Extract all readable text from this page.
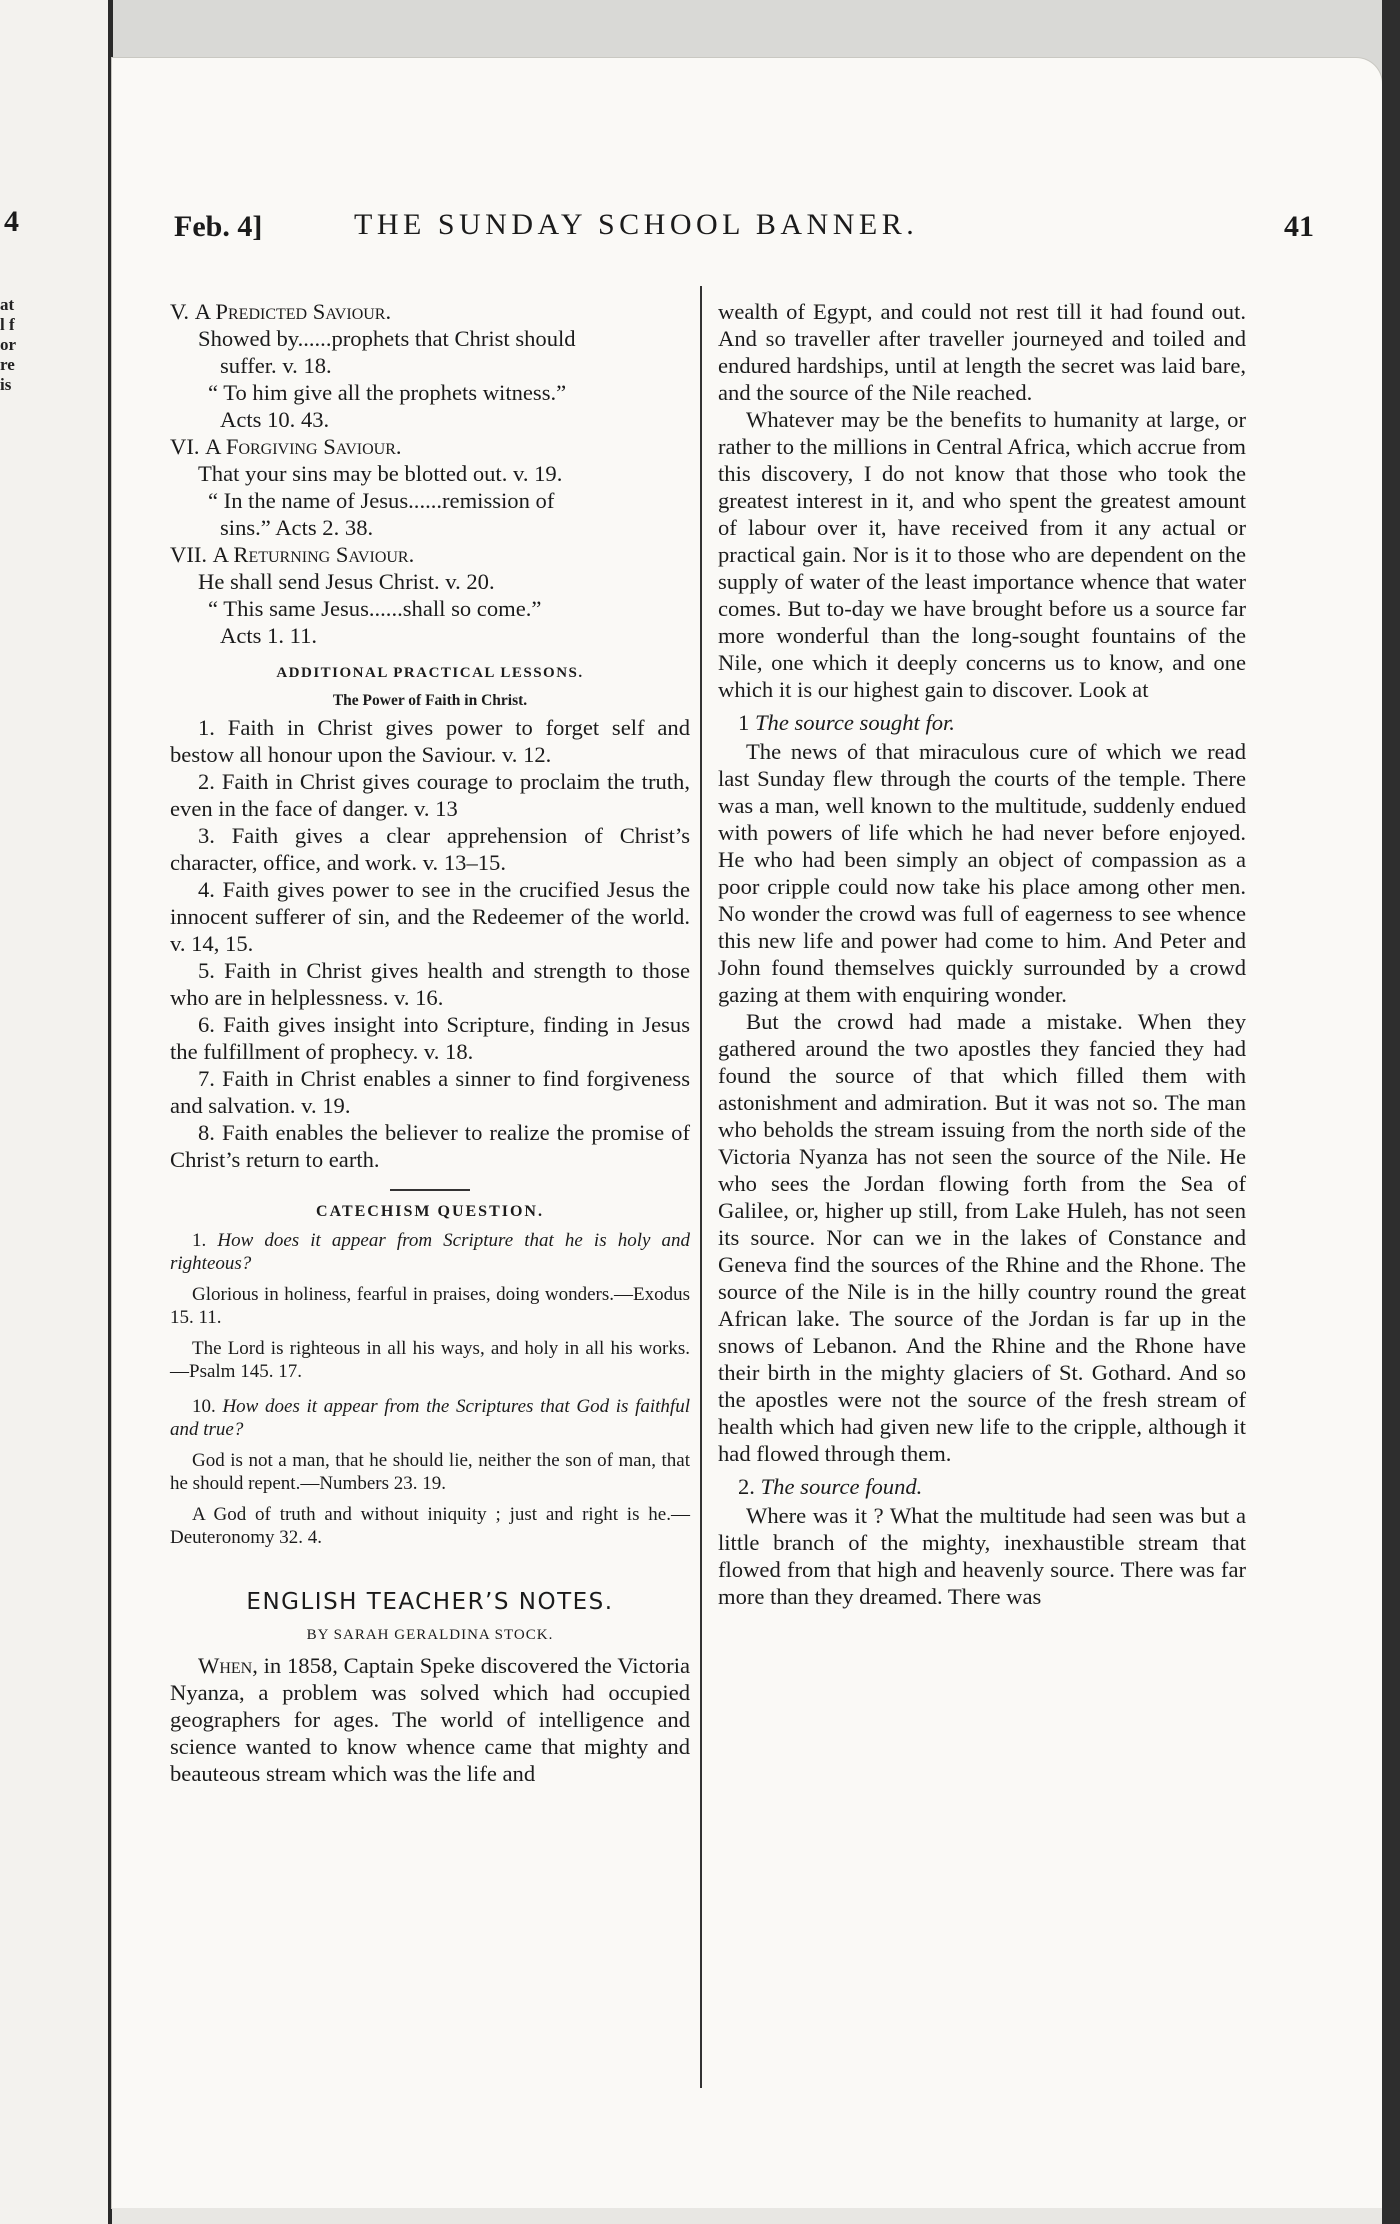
4
at
l f
or
re
is
Feb. 4]	THE SUNDAY SCHOOL BANNER.	41
V. A Predicted Saviour.
Showed by......prophets that Christ should
suffer. v. 18.
“ To him give all the prophets witness.”
Acts 10. 43.
VI. A Forgiving Saviour.
That your sins may be blotted out. v. 19.
“ In the name of Jesus......remission of
sins.” Acts 2. 38.
VII. A Returning Saviour.
He shall send Jesus Christ. v. 20.
“ This same Jesus......shall so come.”
Acts 1. 11.
ADDITIONAL PRACTICAL LESSONS.
The Power of Faith in Christ.

1. Faith in Christ gives power to forget self and bestow all honour upon the Saviour. v. 12.

2. Faith in Christ gives courage to proclaim the truth, even in the face of danger. v. 13

3. Faith gives a clear apprehension of Christ’s character, office, and work. v. 13–15.

4. Faith gives power to see in the crucified Jesus the innocent sufferer of sin, and the Redeemer of the world. v. 14, 15.

5. Faith in Christ gives health and strength to those who are in helplessness. v. 16.

6. Faith gives insight into Scripture, finding in Jesus the fulfillment of prophecy. v. 18.

7. Faith in Christ enables a sinner to find forgiveness and salvation. v. 19.

8. Faith enables the believer to realize the promise of Christ’s return to earth.

CATECHISM QUESTION.

1. How does it appear from Scripture that he is holy and righteous?

Glorious in holiness, fearful in praises, doing wonders.—Exodus 15. 11.

The Lord is righteous in all his ways, and holy in all his works.—Psalm 145. 17.

10. How does it appear from the Scriptures that God is faithful and true?

God is not a man, that he should lie, neither the son of man, that he should repent.—Numbers 23. 19.

A God of truth and without iniquity ; just and right is he.—Deuteronomy 32. 4.

ENGLISH TEACHER’S NOTES.
BY SARAH GERALDINA STOCK.

When, in 1858, Captain Speke discovered the Victoria Nyanza, a problem was solved which had occupied geographers for ages. The world of intelligence and science wanted to know whence came that mighty and beauteous stream which was the life and

wealth of Egypt, and could not rest till it had found out. And so traveller after traveller journeyed and toiled and endured hardships, until at length the secret was laid bare, and the source of the Nile reached.

Whatever may be the benefits to humanity at large, or rather to the millions in Central Africa, which accrue from this discovery, I do not know that those who took the greatest interest in it, and who spent the greatest amount of labour over it, have received from it any actual or practical gain. Nor is it to those who are dependent on the supply of water of the least importance whence that water comes. But to-day we have brought before us a source far more wonderful than the long-sought fountains of the Nile, one which it deeply concerns us to know, and one which it is our highest gain to discover. Look at

1 The source sought for.

The news of that miraculous cure of which we read last Sunday flew through the courts of the temple. There was a man, well known to the multitude, suddenly endued with powers of life which he had never before enjoyed. He who had been simply an object of compassion as a poor cripple could now take his place among other men. No wonder the crowd was full of eagerness to see whence this new life and power had come to him. And Peter and John found themselves quickly surrounded by a crowd gazing at them with enquiring wonder.

But the crowd had made a mistake. When they gathered around the two apostles they fancied they had found the source of that which filled them with astonishment and admiration. But it was not so. The man who beholds the stream issuing from the north side of the Victoria Nyanza has not seen the source of the Nile. He who sees the Jordan flowing forth from the Sea of Galilee, or, higher up still, from Lake Huleh, has not seen its source. Nor can we in the lakes of Constance and Geneva find the sources of the Rhine and the Rhone. The source of the Nile is in the hilly country round the great African lake. The source of the Jordan is far up in the snows of Lebanon. And the Rhine and the Rhone have their birth in the mighty glaciers of St. Gothard. And so the apostles were not the source of the fresh stream of health which had given new life to the cripple, although it had flowed through them.

2. The source found.

Where was it ? What the multitude had seen was but a little branch of the mighty, inexhaustible stream that flowed from that high and heavenly source. There was far more than they dreamed. There was
